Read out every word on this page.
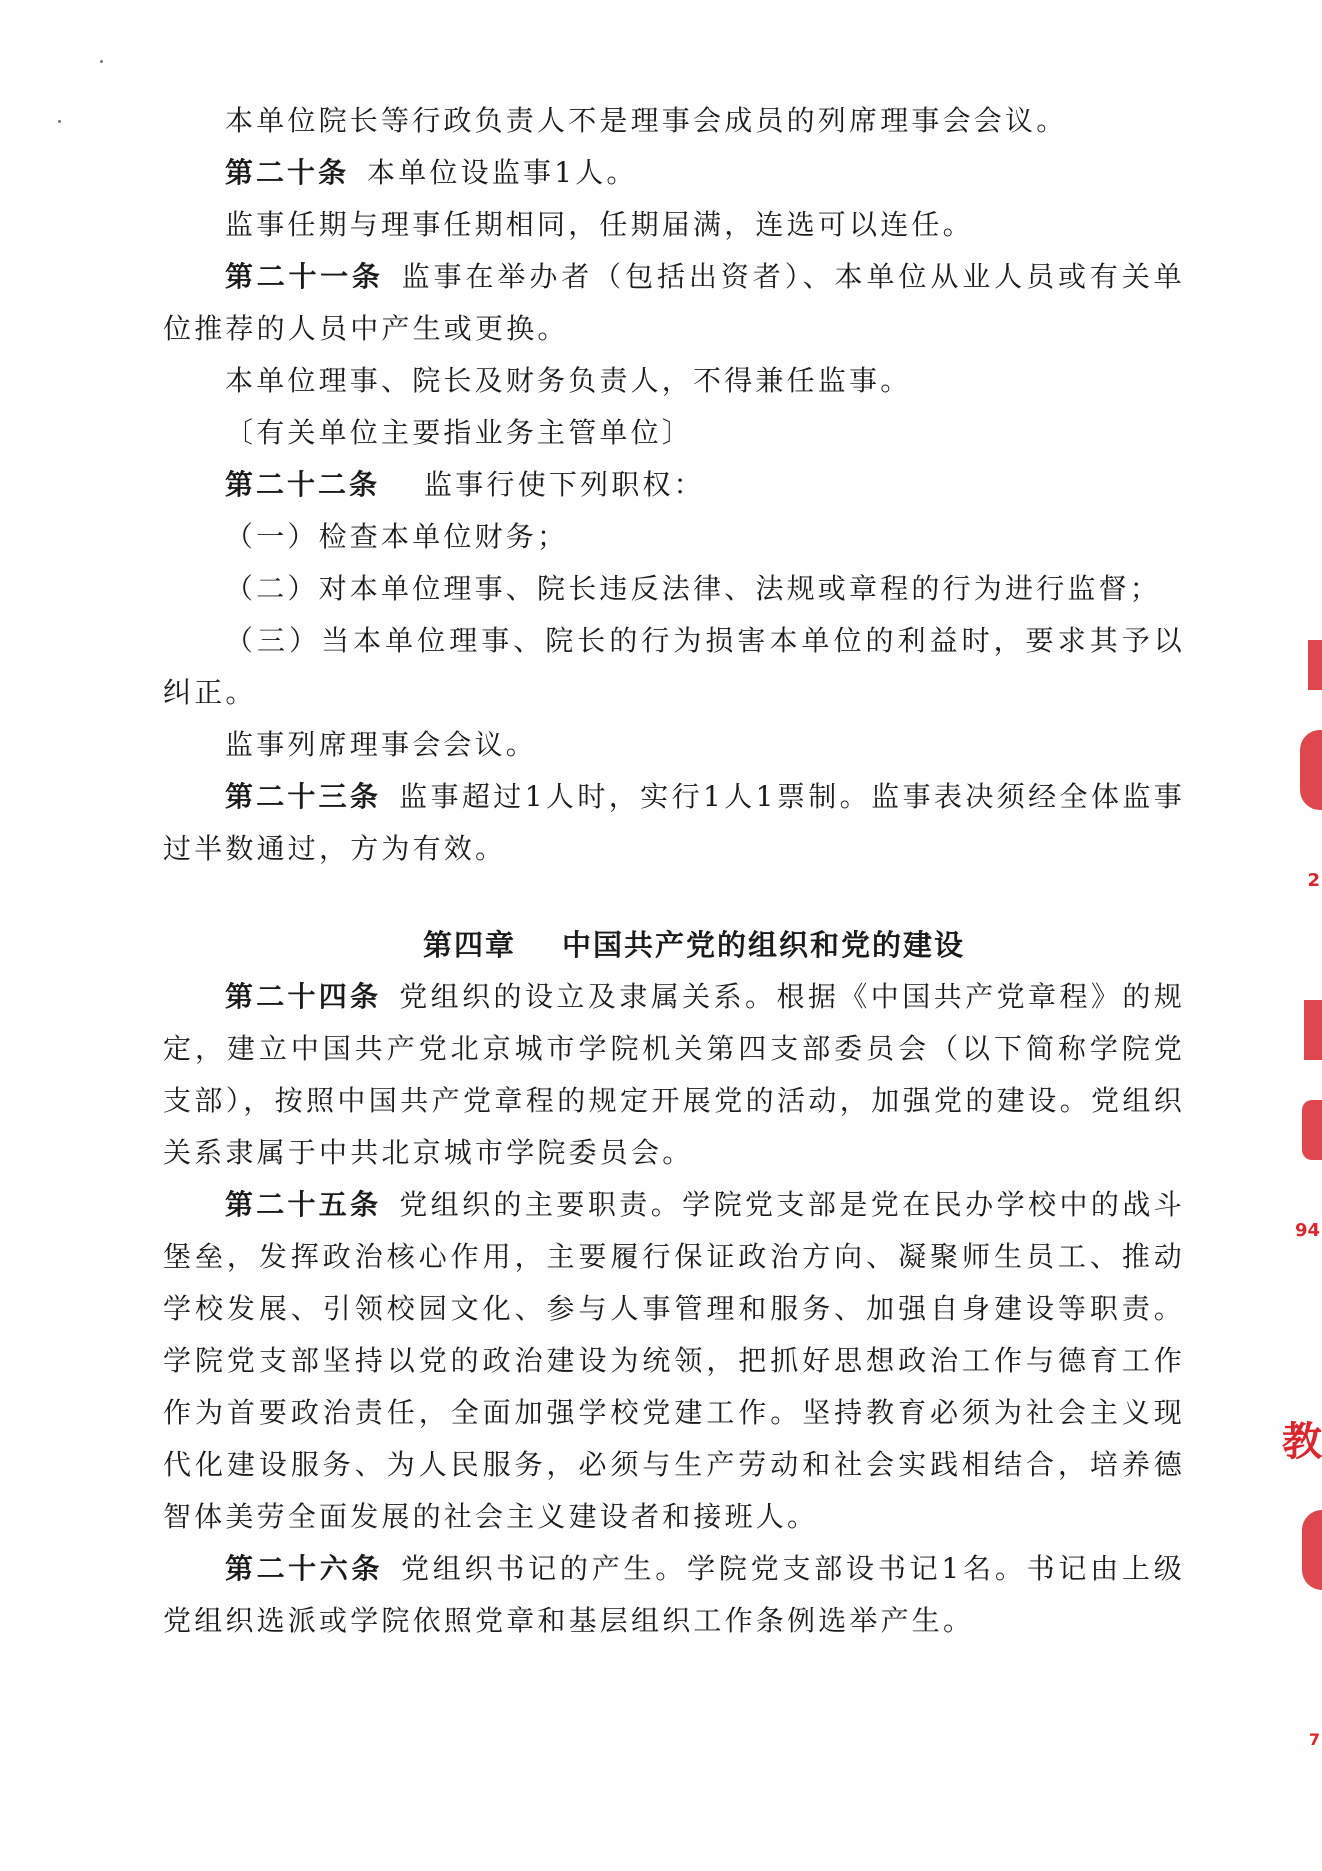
本单位院长等行政负责人不是理事会成员的列席理事会会议。

第二十条 本单位设监事1人。

监事任期与理事任期相同，任期届满，连选可以连任。

第二十一条 监事在举办者（包括出资者）、本单位从业人员或有关单位推荐的人员中产生或更换。

本单位理事、院长及财务负责人，不得兼任监事。

〔有关单位主要指业务主管单位〕

第二十二条 监事行使下列职权：

（一）检查本单位财务；

（二）对本单位理事、院长违反法律、法规或章程的行为进行监督；

（三）当本单位理事、院长的行为损害本单位的利益时，要求其予以纠正。

监事列席理事会会议。

第二十三条 监事超过1人时，实行1人1票制。监事表决须经全体监事过半数通过，方为有效。

第四章 中国共产党的组织和党的建设

第二十四条 党组织的设立及隶属关系。根据《中国共产党章程》的规定，建立中国共产党北京城市学院机关第四支部委员会（以下简称学院党支部），按照中国共产党章程的规定开展党的活动，加强党的建设。党组织关系隶属于中共北京城市学院委员会。

第二十五条 党组织的主要职责。学院党支部是党在民办学校中的战斗堡垒，发挥政治核心作用，主要履行保证政治方向、凝聚师生员工、推动学校发展、引领校园文化、参与人事管理和服务、加强自身建设等职责。学院党支部坚持以党的政治建设为统领，把抓好思想政治工作与德育工作作为首要政治责任，全面加强学校党建工作。坚持教育必须为社会主义现代化建设服务、为人民服务，必须与生产劳动和社会实践相结合，培养德智体美劳全面发展的社会主义建设者和接班人。

第二十六条 党组织书记的产生。学院党支部设书记1名。书记由上级党组织选派或学院依照党章和基层组织工作条例选举产生。

2
94
教
7
